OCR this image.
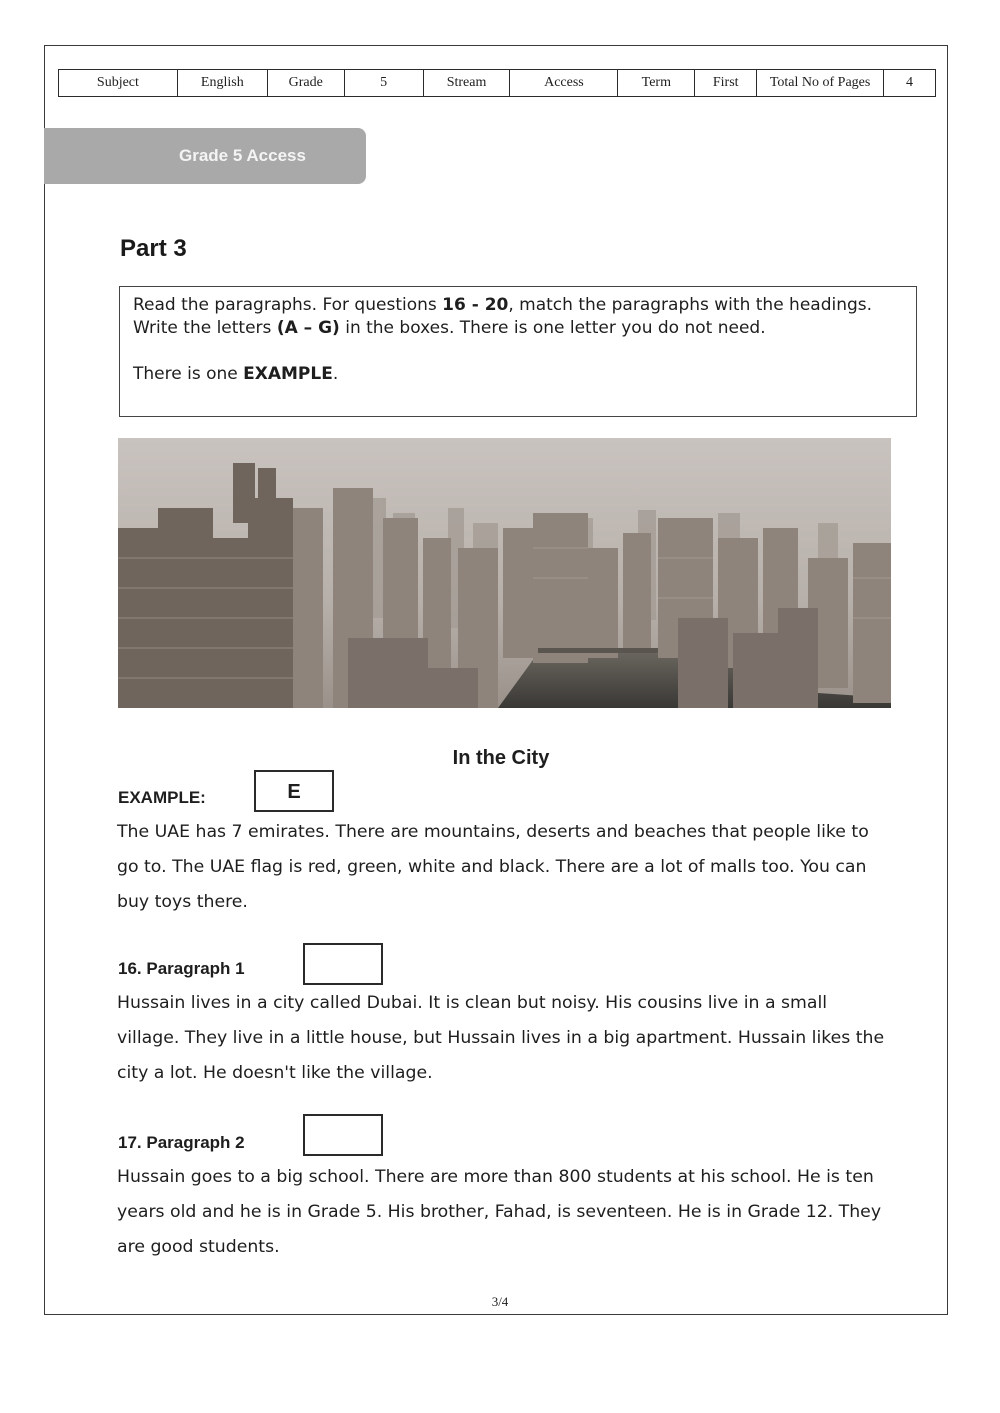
Subject	English	Grade	5	Stream	Access	Term	First	Total No of Pages	4
Grade 5 Access
Part 3

Read the paragraphs. For questions 16 - 20, match the paragraphs with the headings. Write the letters (A – G) in the boxes. There is one letter you do not need.

There is one EXAMPLE.

In the City
EXAMPLE:	E
The UAE has 7 emirates. There are mountains, deserts and beaches that people like to go to. The UAE flag is red, green, white and black. There are a lot of malls too. You can buy toys there.
16. Paragraph 1
Hussain lives in a city called Dubai. It is clean but noisy. His cousins live in a small village. They live in a little house, but Hussain lives in a big apartment. Hussain likes the city a lot. He doesn't like the village.
17. Paragraph 2
Hussain goes to a big school. There are more than 800 students at his school. He is ten years old and he is in Grade 5. His brother, Fahad, is seventeen. He is in Grade 12. They are good students.
3/4
